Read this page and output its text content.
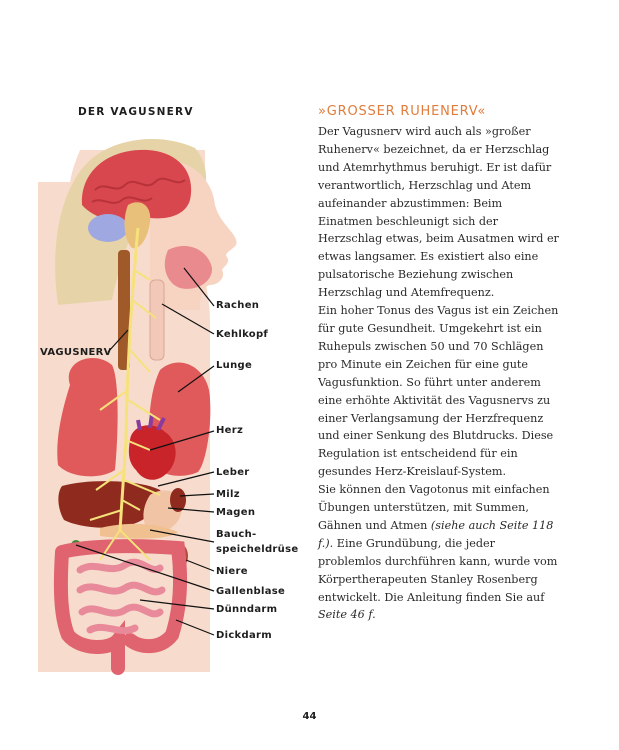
DER VAGUSNERV
VAGUSNERV
Rachen
Kehlkopf
Lunge
Herz
Leber
Milz
Magen
Bauch-
speicheldrüse
Niere
Gallenblase
Dünndarm
Dickdarm
»GROSSER RUHENERV«

Der Vagusnerv wird auch als »großer Ruhenerv« bezeichnet, da er Herzschlag und Atemrhythmus beruhigt. Er ist dafür verantwortlich, Herzschlag und Atem aufeinander abzustimmen: Beim Einatmen beschleunigt sich der Herzschlag etwas, beim Ausatmen wird er etwas langsamer. Es existiert also eine pulsatorische Beziehung zwischen Herzschlag und Atemfrequenz.

Ein hoher Tonus des Vagus ist ein Zeichen für gute Gesundheit. Umgekehrt ist ein Ruhepuls zwischen 50 und 70 Schlägen pro Minute ein Zeichen für eine gute Vagusfunktion. So führt unter anderem eine erhöhte Aktivität des Vagusnervs zu einer Verlangsamung der Herzfrequenz und einer Senkung des Blutdrucks. Diese Regulation ist entscheidend für ein gesundes Herz-Kreislauf-System.

Sie können den Vagotonus mit einfachen Übungen unterstützen, mit Summen, Gähnen und Atmen (siehe auch Seite 118 f.). Eine Grundübung, die jeder problemlos durchführen kann, wurde vom Körpertherapeuten Stanley Rosenberg entwickelt. Die Anleitung finden Sie auf Seite 46 f.

44
